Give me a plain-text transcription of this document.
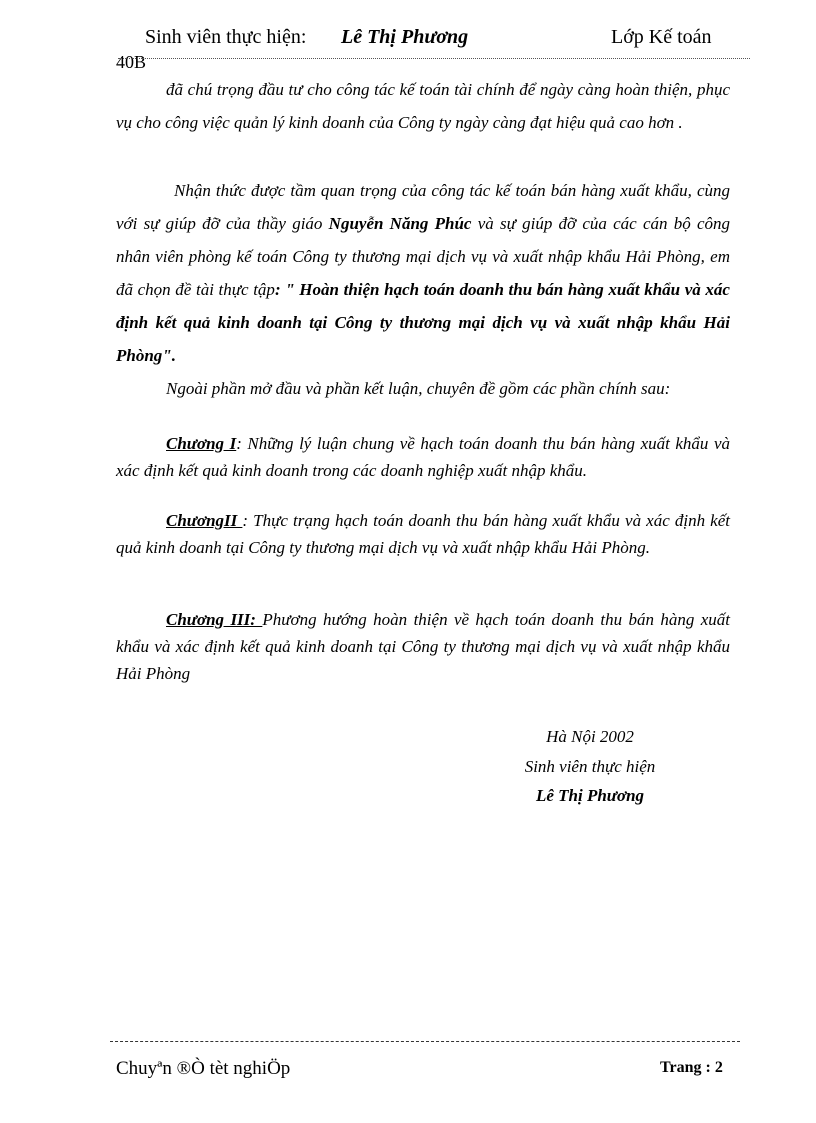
Sinh viên thực hiện: Lê Thị Phương	Lớp Kế toán
40B
đã chú trọng đầu tư cho công tác kế toán tài chính để ngày càng hoàn thiện, phục vụ cho công việc quản lý kinh doanh của Công ty ngày càng đạt hiệu quả cao hơn .
Nhận thức được tầm quan trọng của công tác kế toán bán hàng xuất khẩu, cùng với sự giúp đỡ của thầy giáo Nguyễn Năng Phúc và sự giúp đỡ của các cán bộ công nhân viên phòng kế toán Công ty thương mại dịch vụ và xuất nhập khẩu Hải Phòng, em đã chọn đề tài thực tập: " Hoàn thiện hạch toán doanh thu bán hàng xuất khẩu và xác định kết quả kinh doanh tại Công ty thương mại dịch vụ và xuất nhập khẩu Hải Phòng".
Ngoài phần mở đầu và phần kết luận, chuyên đề gồm các phần chính sau:
Chương I: Những lý luận chung về hạch toán doanh thu bán hàng xuất khẩu và xác định kết quả kinh doanh trong các doanh nghiệp xuất nhập khẩu.
ChươngII : Thực trạng hạch toán doanh thu bán hàng xuất khẩu và xác định kết quả kinh doanh tại Công ty thương mại dịch vụ và xuất nhập khẩu Hải Phòng.
Chương III: Phương hướng hoàn thiện về hạch toán doanh thu bán hàng xuất khẩu và xác định kết quả kinh doanh tại Công ty thương mại dịch vụ và xuất nhập khẩu Hải Phòng
Hà Nội 2002
Sinh viên thực hiện
Lê Thị Phương
Chuyªn ®Ò tèt nghiÖp	Trang : 2
